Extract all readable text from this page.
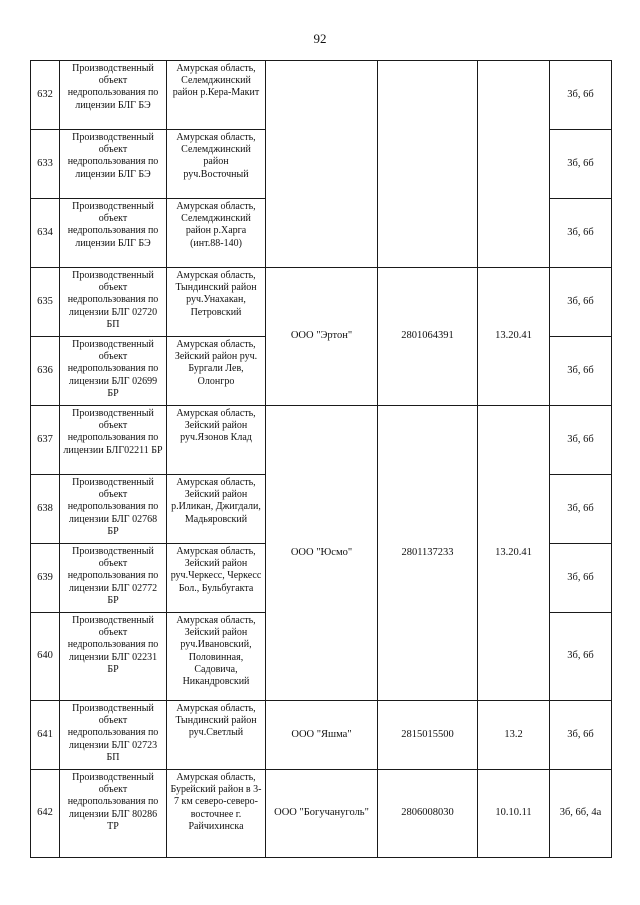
92
632	Производственный объект недропользования по лицензии БЛГ БЭ	Амурская область, Селемджинский район р.Кера-Макит				3б, 6б
633	Производственный объект недропользования по лицензии БЛГ БЭ	Амурская область, Селемджинский район руч.Восточный				3б, 6б
634	Производственный объект недропользования по лицензии БЛГ БЭ	Амурская область, Селемджинский район р.Харга (инт.88-140)				3б, 6б
635	Производственный объект недропользования по лицензии БЛГ 02720 БП	Амурская область, Тындинский район руч.Унахакан, Петровский	ООО "Эртон"	2801064391	13.20.41	3б, 6б
636	Производственный объект недропользования по лицензии БЛГ 02699 БР	Амурская область, Зейский район руч. Бургали Лев, Олонгро				3б, 6б
637	Производственный объект недропользования по лицензии БЛГ02211 БР	Амурская область, Зейский район руч.Язонов Клад	ООО "Юсмо"	2801137233	13.20.41	3б, 6б
638	Производственный объект недропользования по лицензии БЛГ 02768 БР	Амурская область, Зейский район р.Иликан, Джигдали, Мадьяровский				3б, 6б
639	Производственный объект недропользования по лицензии БЛГ 02772 БР	Амурская область, Зейский район руч.Черкесс, Черкесс Бол., Бульбугакта				3б, 6б
640	Производственный объект недропользования по лицензии БЛГ 02231 БР	Амурская область, Зейский район руч.Ивановский, Половинная, Садовича, Никандровский				3б, 6б
641	Производственный объект недропользования по лицензии БЛГ 02723 БП	Амурская область, Тындинский район руч.Светлый	ООО "Яшма"	2815015500	13.2	3б, 6б
642	Производственный объект недропользования по лицензии БЛГ 80286 ТР	Амурская область, Бурейский район в 3-7 км северо-северо-восточнее г. Райчихинска	ООО "Богучануголь"	2806008030	10.10.11	3б, 6б, 4а
